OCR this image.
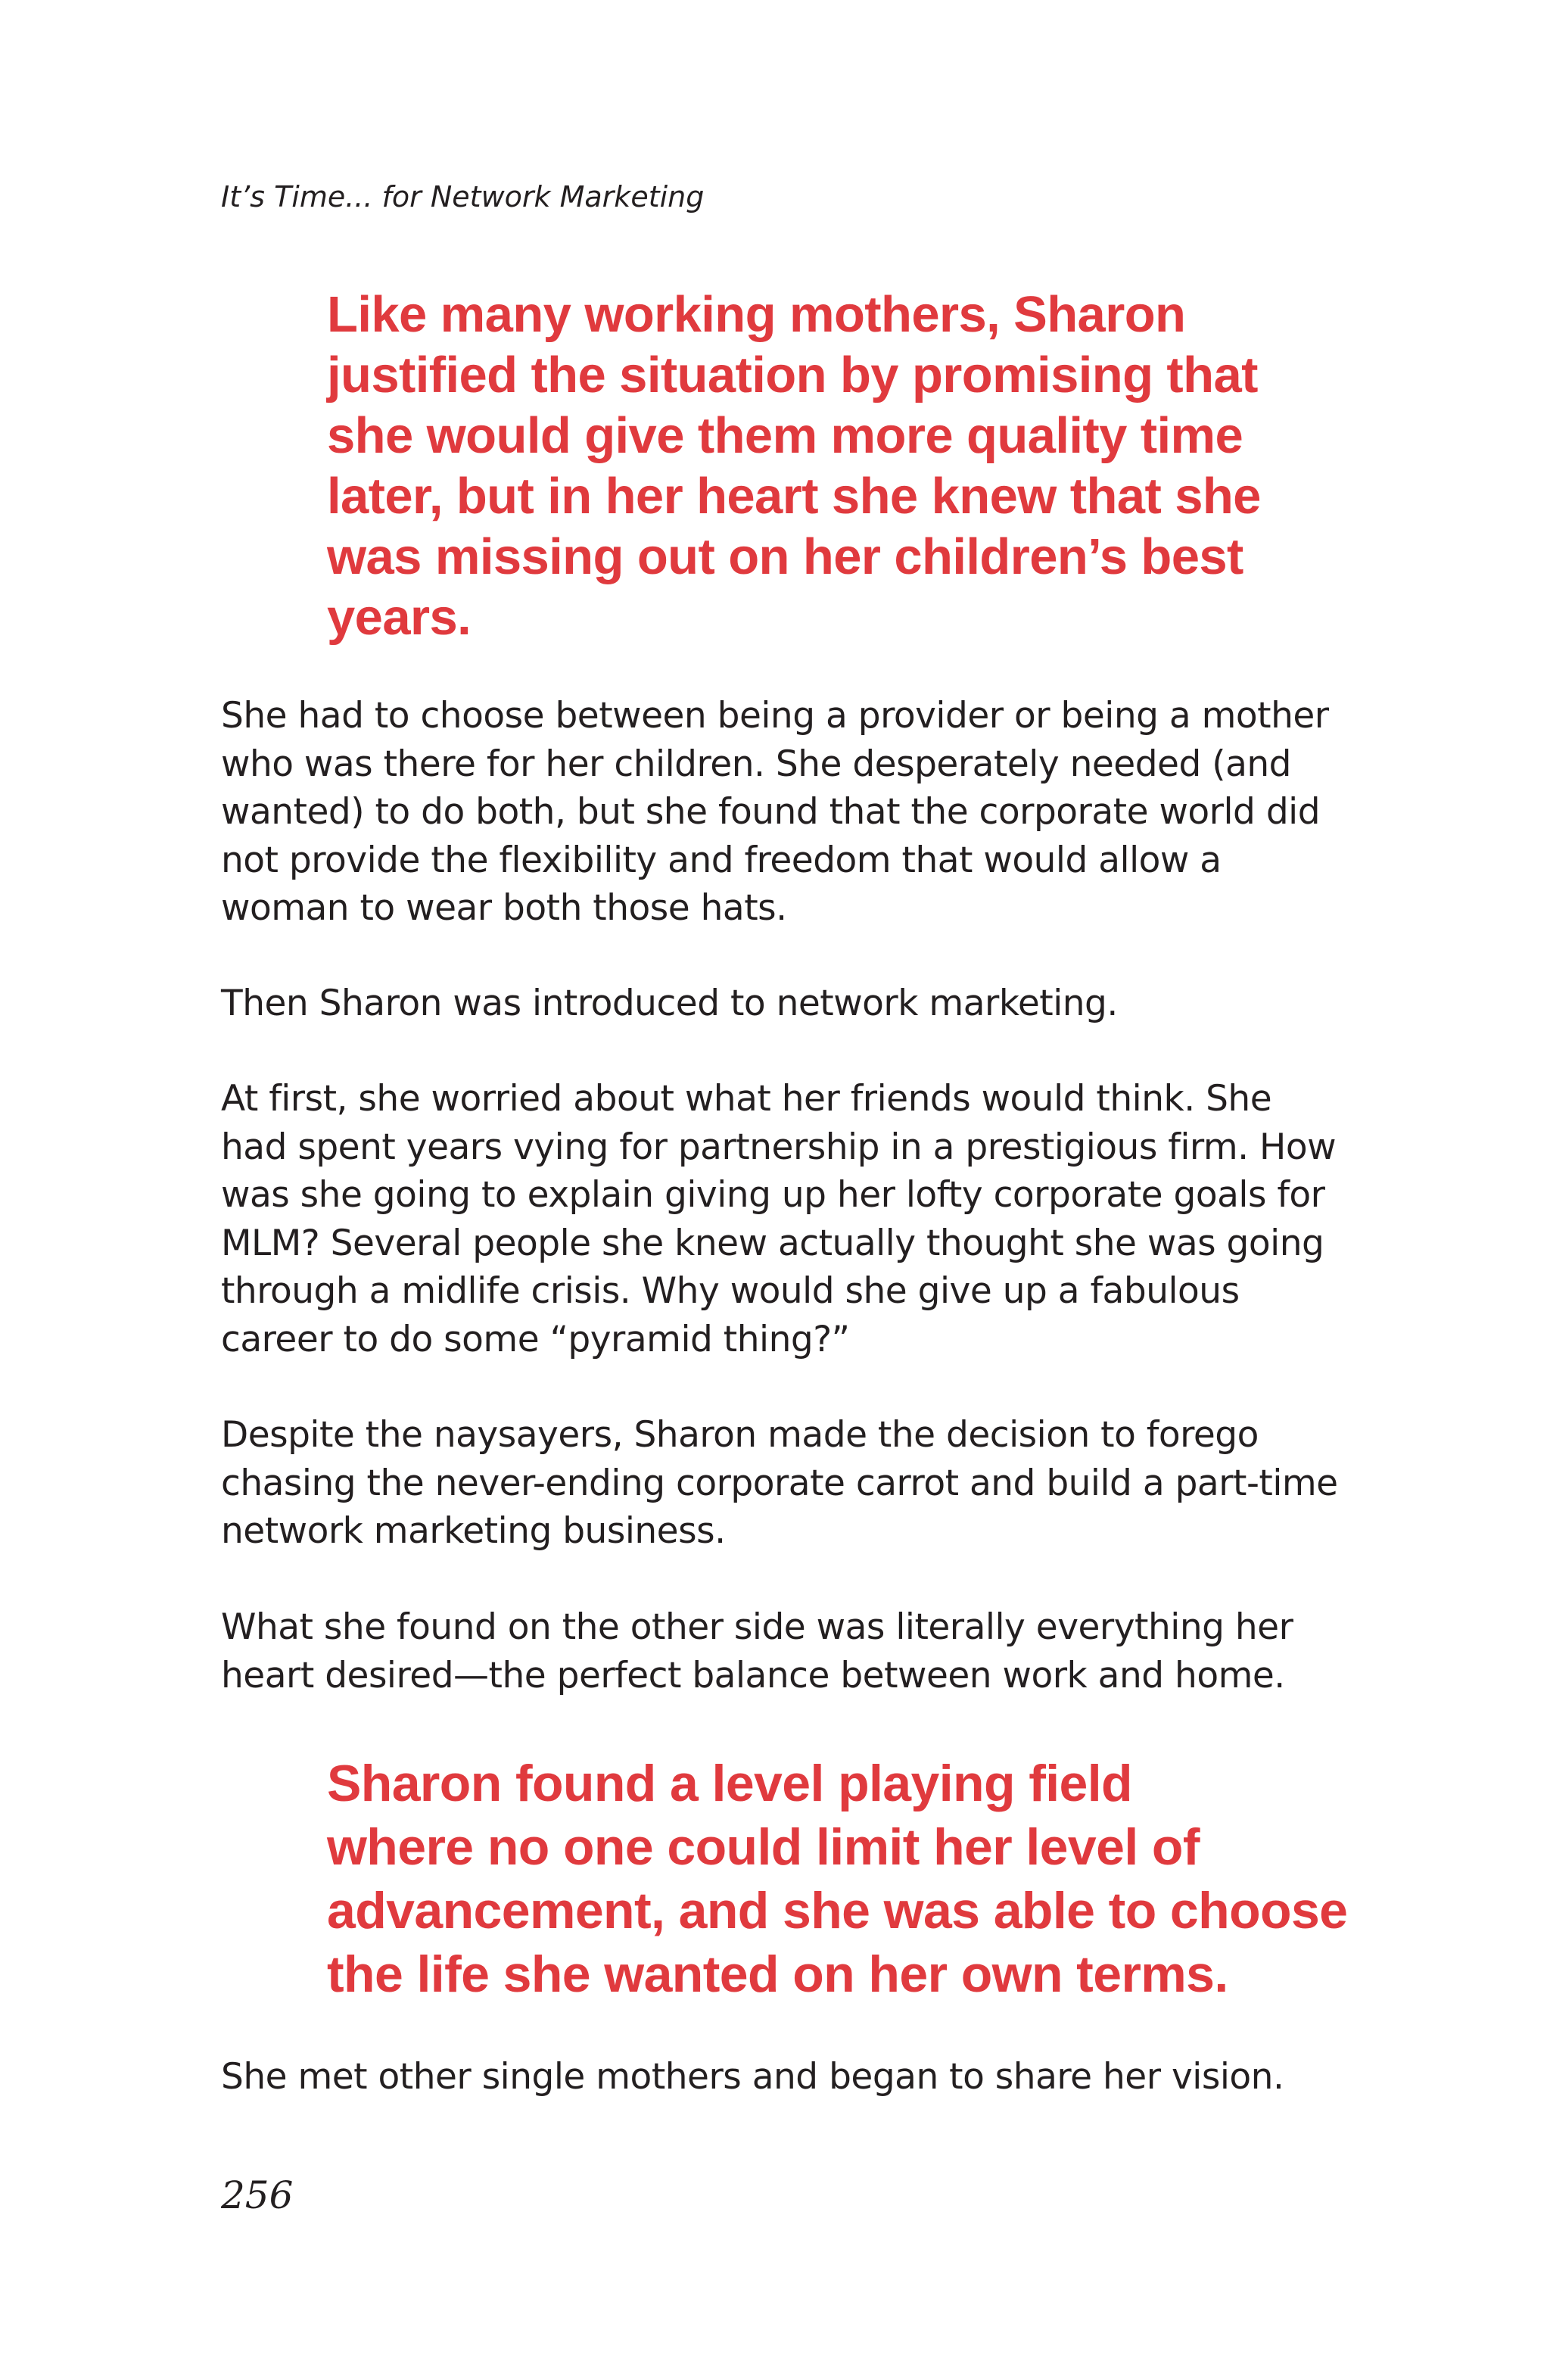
It’s Time... for Network Marketing

Like many working mothers, Sharon
justified the situation by promising that
she would give them more quality time
later, but in her heart she knew that she
was missing out on her children’s best
years.

She had to choose between being a provider or being a mother
who was there for her children. She desperately needed (and
wanted) to do both, but she found that the corporate world did
not provide the flexibility and freedom that would allow a
woman to wear both those hats.

Then Sharon was introduced to network marketing.

At first, she worried about what her friends would think. She
had spent years vying for partnership in a prestigious firm. How
was she going to explain giving up her lofty corporate goals for
MLM? Several people she knew actually thought she was going
through a midlife crisis. Why would she give up a fabulous
career to do some “pyramid thing?”

Despite the naysayers, Sharon made the decision to forego
chasing the never-ending corporate carrot and build a part-time
network marketing business.

What she found on the other side was literally everything her
heart desired—the perfect balance between work and home.

Sharon found a level playing field
where no one could limit her level of
advancement, and she was able to choose
the life she wanted on her own terms.

She met other single mothers and began to share her vision.

256
